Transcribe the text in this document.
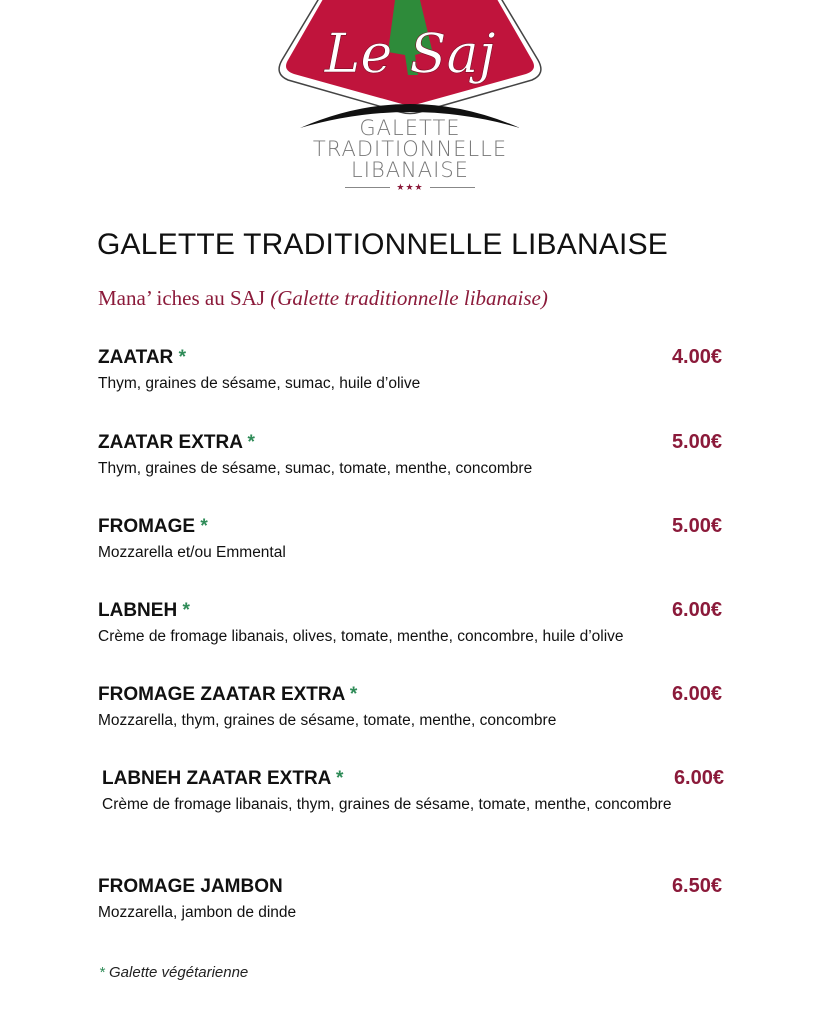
Le Saj
GALETTE
TRADITIONNELLE
LIBANAISE
★★★
GALETTE TRADITIONNELLE LIBANAISE
Mana’ iches au SAJ (Galette traditionnelle libanaise)
ZAATAR *	4.00€
Thym, graines de sésame, sumac, huile d’olive
ZAATAR EXTRA *	5.00€
Thym, graines de sésame, sumac, tomate, menthe, concombre
FROMAGE *	5.00€
Mozzarella et/ou Emmental
LABNEH *	6.00€
Crème de fromage libanais, olives, tomate, menthe, concombre, huile d’olive
FROMAGE ZAATAR EXTRA *	6.00€
Mozzarella, thym, graines de sésame, tomate, menthe, concombre
LABNEH ZAATAR EXTRA *	6.00€
Crème de fromage libanais, thym, graines de sésame, tomate, menthe, concombre
FROMAGE JAMBON	6.50€
Mozzarella, jambon de dinde
* Galette végétarienne
